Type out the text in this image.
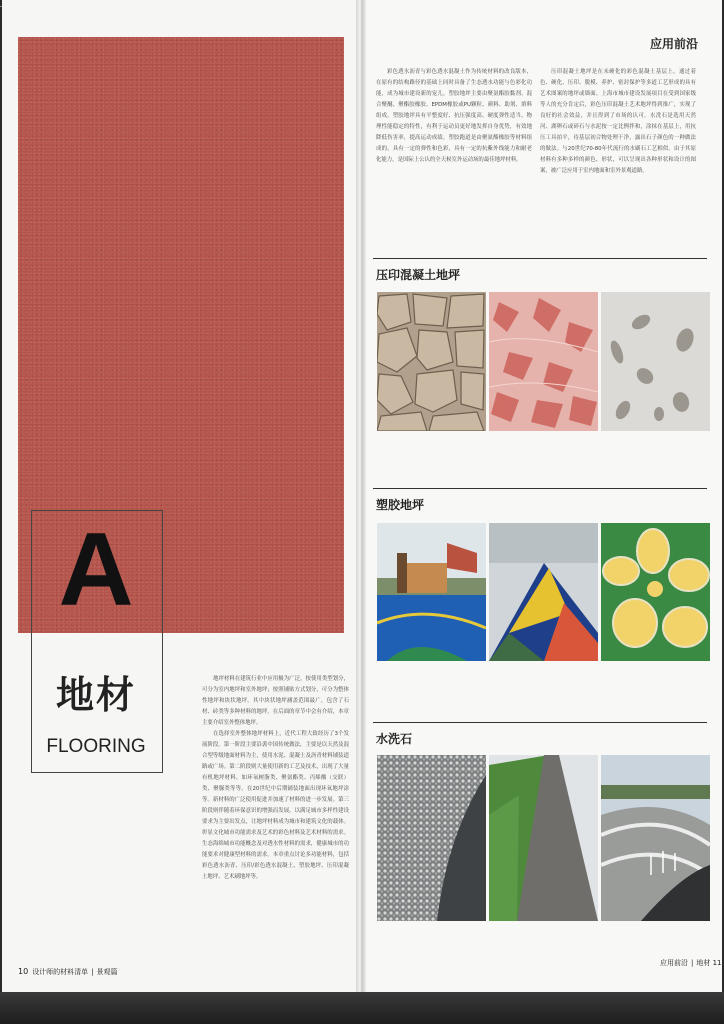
A
地材
FLOORING

地坪材料在建筑行业中应用极为广泛，按使用类型划分，可分为室内地坪和室外地坪；按照铺贴方式划分，可分为整体性地坪和块状地坪。其中块状地坪涵盖范围最广，包含了石材、砖类等多种材料的地坪。在后面的章节中会有介绍，本章主要介绍室外整体地坪。

在选择室外整体地坪材料上，近代工程大致经历了3个发展阶段。第一阶段主要沿袭中国传统做法，主要是以天然及混合型等级地面材料为主，使用水泥、混凝土及沥青材料铺装道路或广场。第二阶段则大量使用新的工艺及技术，出现了大量有机地坪材料，如环氧树脂类、聚氨酯类、丙烯酸（交联）类、聚脲类等等。在20世纪中后期铺装地面出现环氧地坪涂等。新材料的广泛使用促进并加速了材料的进一步发展。第三阶段则伴随着环保意识的增强而发展，以满足城市多样性建设要求为主要出发点，让地坪材料成为城市和建筑文化的载体。彰显文化城市功能需求及艺术的彩色材料及艺术材料的需求。生态海绵城市功能概念及对透水性材料的需求，健康城市的功能要求对健康型材料的需求。本章重点讨论多功能材料，包括彩色透水沥青、压印/彩色透水混凝土、塑胶地坪、压印混凝土地坪、艺术刷地坪等。

10 设计师的材料清单 | 景观篇
应用前沿

彩色透水沥青与彩色透水混凝土作为传统材料的改良版本，在原有的结构路径的基础上同时具备了生态透水功能与色彩化功能，成为城市建设新的宠儿。塑胶地坪主要由聚氨酯胶黏剂、混合聚醚、聚酯胶橡胶、EPDM橡胶或PU颗粒、颜料、助剂、填料组成。塑胶地坪具有平整度好、抗压强度高、硬度弹性适当、物理性能稳定的特性，有利于运动员更好地发挥自身优势，有效地降低伤害率，提高运动成绩。塑胶跑道是由聚氨酯橡胶等材料组成的，具有一定的弹性和色彩，具有一定的抗紫外线能力和耐老化能力，是国际上公认的全天候室外运动场的最佳地坪材料。

压印混凝土地坪是在未硬化的彩色混凝土基层上，通过着色、硬化、压印、脱模、养护、密封保护等多道工艺形成的具有艺术图案的地坪或墙面。上海市城市建设发展项目在受到国家级等人的充分肯定后，彩色压印混凝土艺术地坪得到推广，实现了良好的社会效益，并且得到了市场的认可。水洗石是选用天然河、湖卵石或碎石与水泥按一定比例拌和，涂抹在基层上，用抗压工具拍平，待基层初合物处理干净，露出石子颜色的一种做法的做法。与20世纪70-80年代流行的水刷石工艺相似。由于其原材料有多种多样的颜色、形状，可以呈现出各种形状和设计的图案，被广泛应用于室内地面和室外景观道路。

压印混凝土地坪
塑胶地坪
水洗石
应用前沿 | 地材 11
